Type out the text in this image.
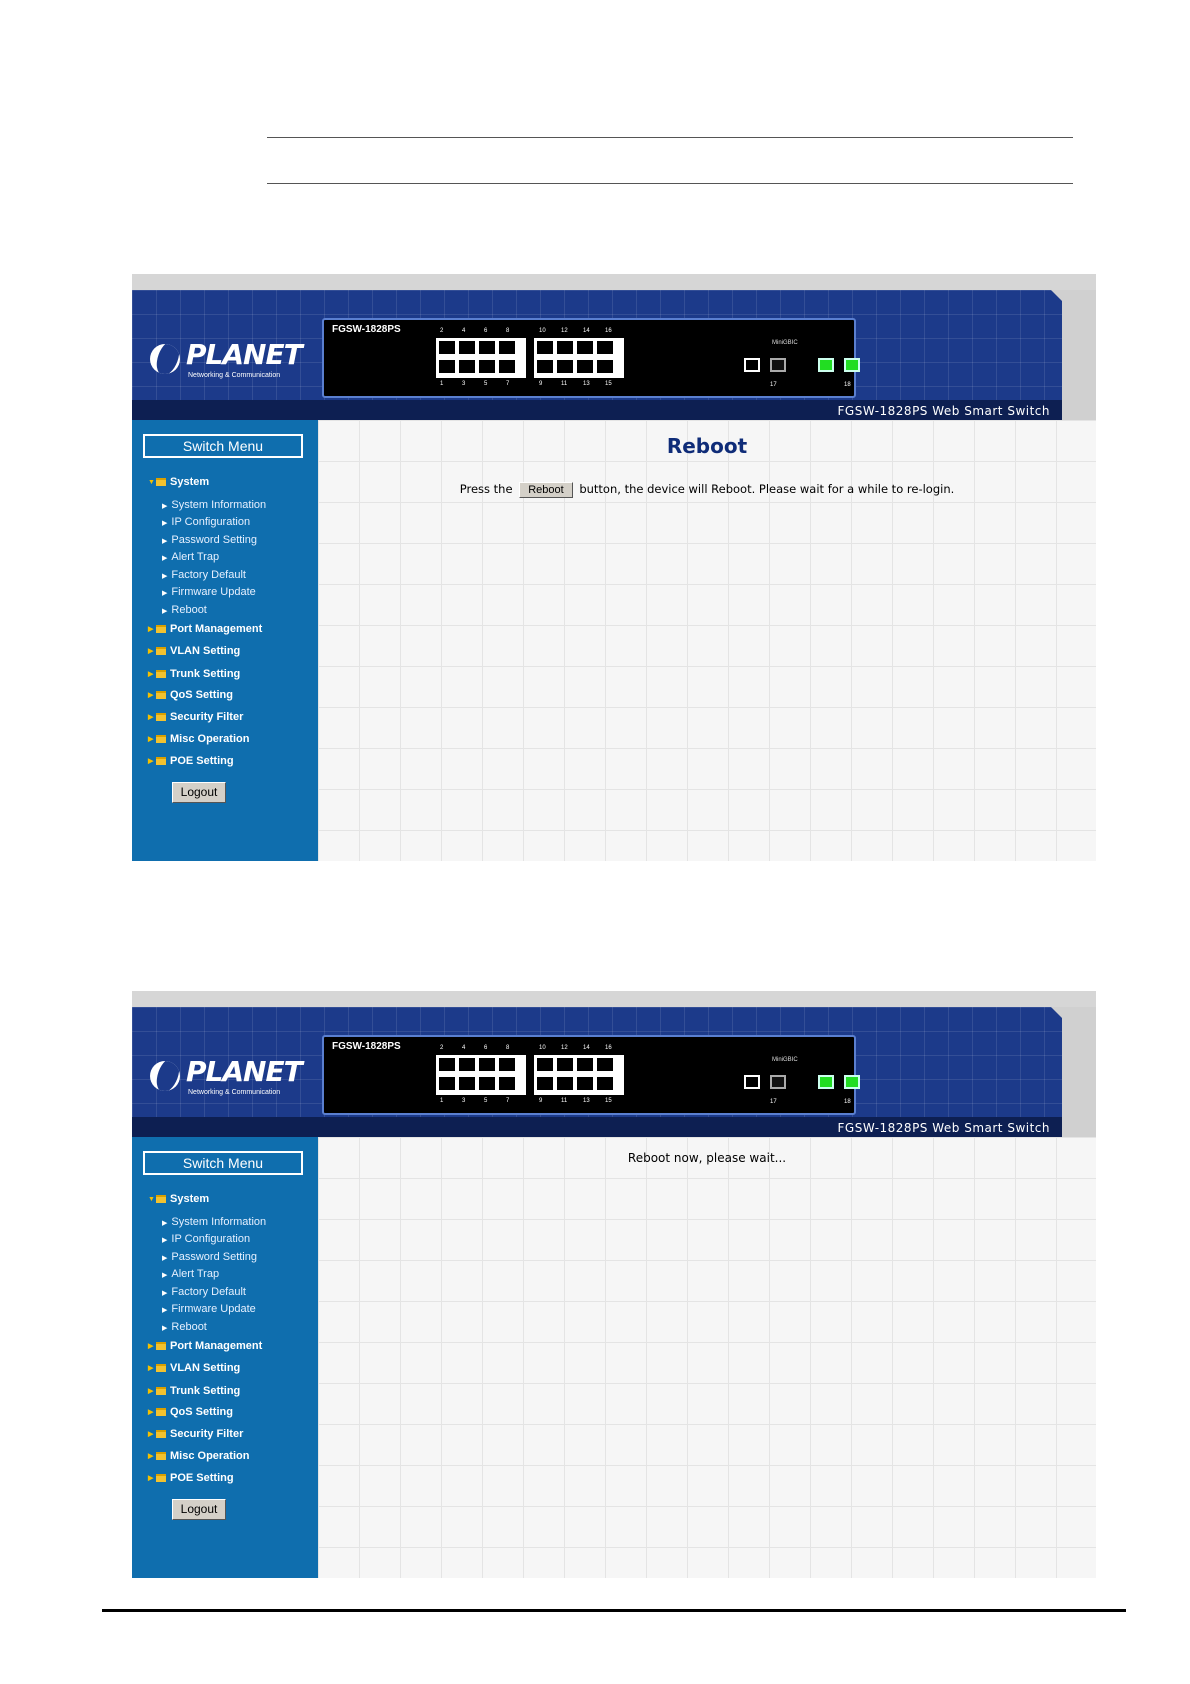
PLANET
Networking & Communication
FGSW-1828PS	2	4	6	8	10	12	14	16
1	3	5	7	9	11	13	15
MiniGBIC
17	18
FGSW-1828PS Web Smart Switch
Switch Menu
▼ System
▶ System Information
▶ IP Configuration
▶ Password Setting
▶ Alert Trap
▶ Factory Default
▶ Firmware Update
▶ Reboot
▶ Port Management
▶ VLAN Setting
▶ Trunk Setting
▶ QoS Setting
▶ Security Filter
▶ Misc Operation
▶ POE Setting
Logout
Reboot
Press the Reboot button, the device will Reboot. Please wait for a while to re-login.
PLANET
Networking & Communication
FGSW-1828PS	2	4	6	8	10	12	14	16
1	3	5	7	9	11	13	15
MiniGBIC
17	18
FGSW-1828PS Web Smart Switch
Switch Menu
▼ System
▶ System Information
▶ IP Configuration
▶ Password Setting
▶ Alert Trap
▶ Factory Default
▶ Firmware Update
▶ Reboot
▶ Port Management
▶ VLAN Setting
▶ Trunk Setting
▶ QoS Setting
▶ Security Filter
▶ Misc Operation
▶ POE Setting
Logout
Reboot now, please wait...
